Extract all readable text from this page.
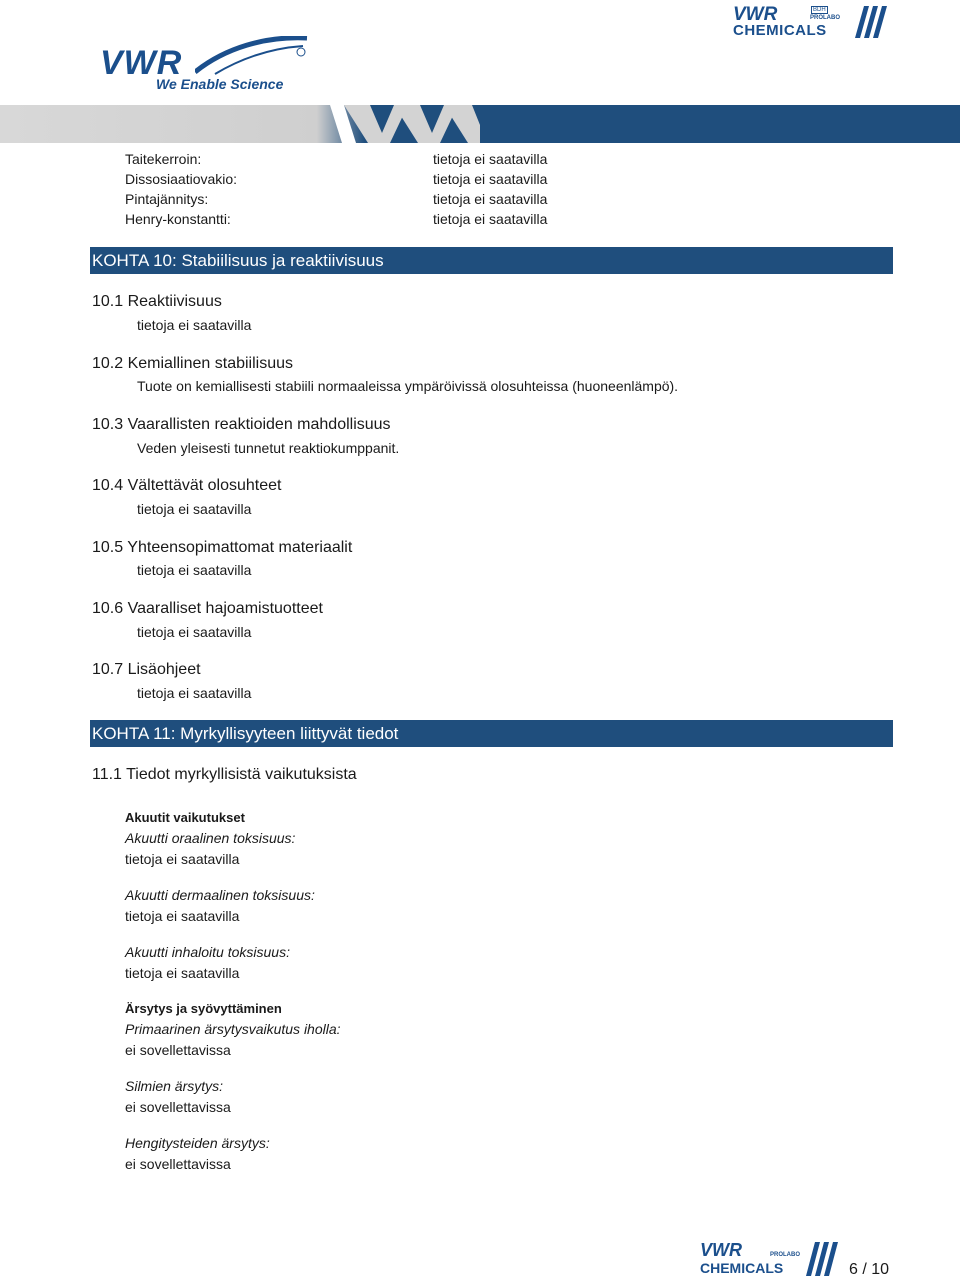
VWR	BDH
PROLABO
CHEMICALS
VWR
We Enable Science
Taitekerroin:	tietoja ei saatavilla
Dissosiaatiovakio:	tietoja ei saatavilla
Pintajännitys:	tietoja ei saatavilla
Henry-konstantti:	tietoja ei saatavilla
KOHTA 10: Stabiilisuus ja reaktiivisuus
10.1 Reaktiivisuus
tietoja ei saatavilla
10.2 Kemiallinen stabiilisuus
Tuote on kemiallisesti stabiili normaaleissa ympäröivissä olosuhteissa (huoneenlämpö).
10.3 Vaarallisten reaktioiden mahdollisuus
Veden yleisesti tunnetut reaktiokumppanit.
10.4 Vältettävät olosuhteet
tietoja ei saatavilla
10.5 Yhteensopimattomat materiaalit
tietoja ei saatavilla
10.6 Vaaralliset hajoamistuotteet
tietoja ei saatavilla
10.7 Lisäohjeet
tietoja ei saatavilla
KOHTA 11: Myrkyllisyyteen liittyvät tiedot
11.1 Tiedot myrkyllisistä vaikutuksista
Akuutit vaikutukset
Akuutti oraalinen toksisuus:
tietoja ei saatavilla
Akuutti dermaalinen toksisuus:
tietoja ei saatavilla
Akuutti inhaloitu toksisuus:
tietoja ei saatavilla
Ärsytys ja syövyttäminen
Primaarinen ärsytysvaikutus iholla:
ei sovellettavissa
Silmien ärsytys:
ei sovellettavissa
Hengitysteiden ärsytys:
ei sovellettavissa
VWR	PROLABO
CHEMICALS	6 / 10
